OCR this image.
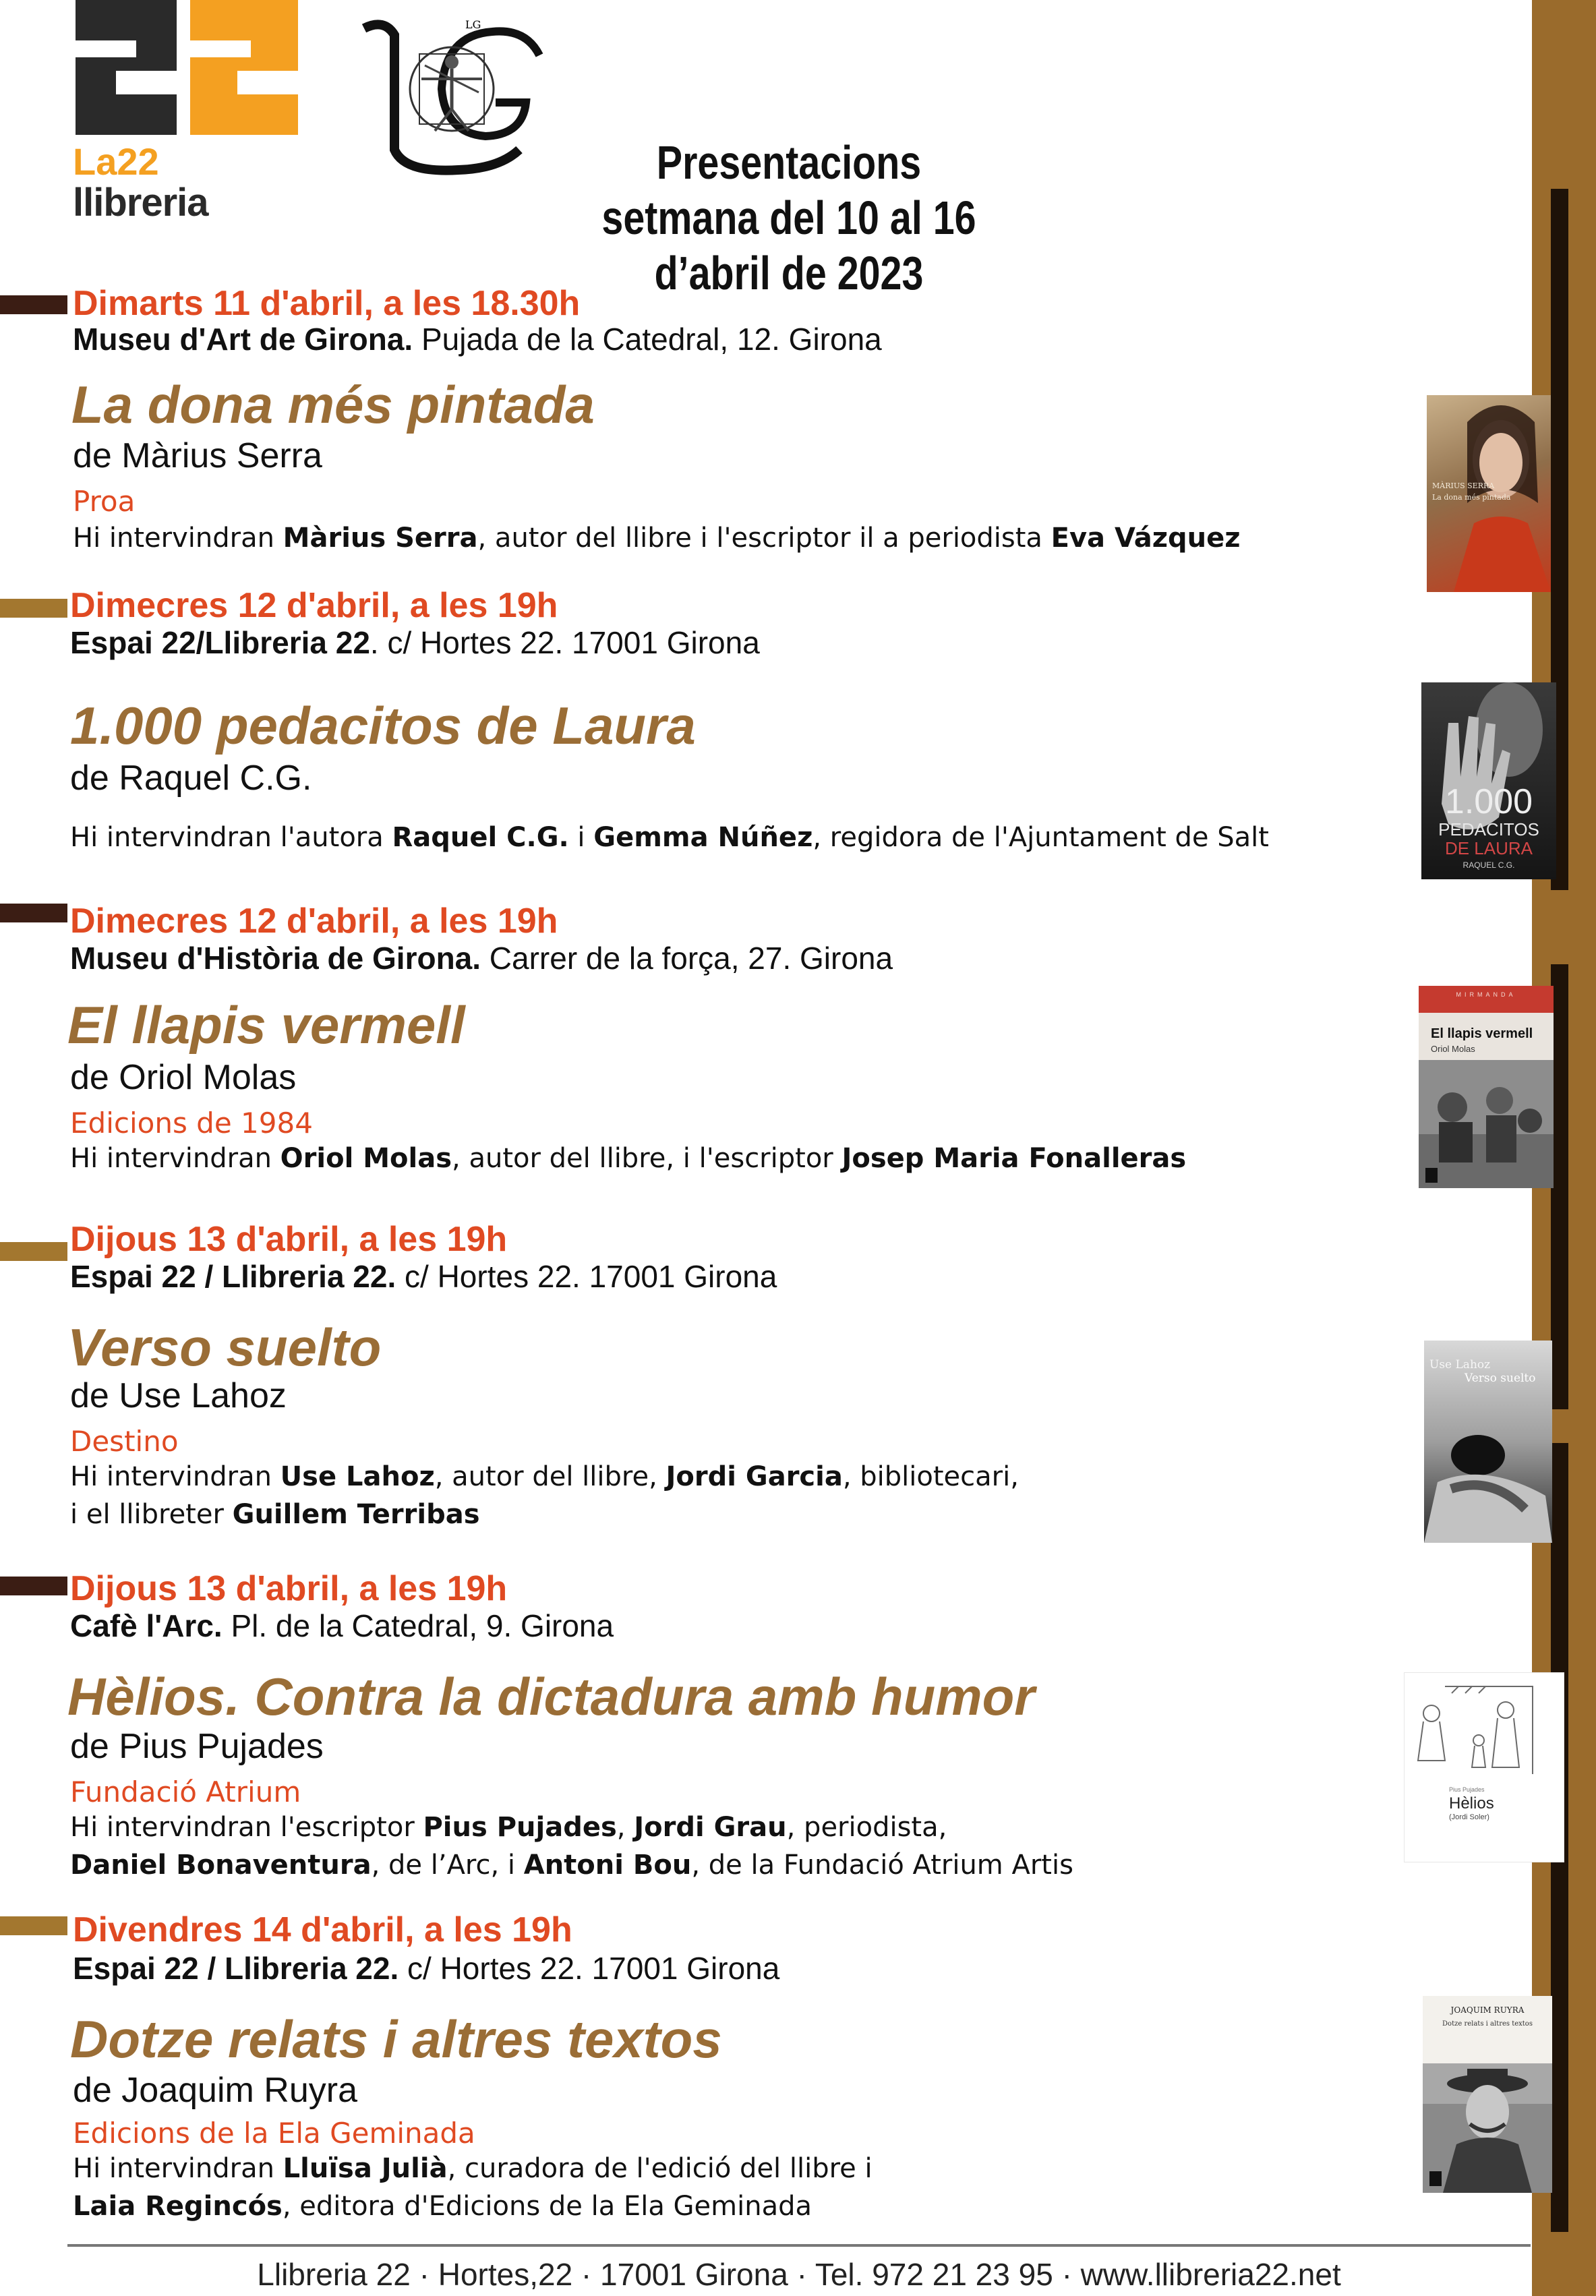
La22
llibreria
LG
Presentacions
setmana del 10 al 16 d’abril de 2023
Dimarts 11 d'abril, a les 18.30h
Museu d'Art de Girona. Pujada de la Catedral, 12. Girona
La dona més pintada
de Màrius Serra
Proa
Hi intervindran Màrius Serra, autor del llibre i l'escriptor il a periodista Eva Vázquez
Dimecres 12 d'abril, a les 19h
Espai 22/Llibreria 22. c/ Hortes 22. 17001 Girona
1.000 pedacitos de Laura
de Raquel C.G.
Hi intervindran l'autora Raquel C.G. i Gemma Núñez, regidora de l'Ajuntament de Salt
Dimecres 12 d'abril, a les 19h
Museu d'Història de Girona. Carrer de la força, 27. Girona
El llapis vermell
de Oriol Molas
Edicions de 1984
Hi intervindran Oriol Molas, autor del llibre, i l'escriptor Josep Maria Fonalleras
Dijous 13 d'abril, a les 19h
Espai 22 / Llibreria 22. c/ Hortes 22. 17001 Girona
Verso suelto
de Use Lahoz
Destino
Hi intervindran Use Lahoz, autor del llibre, Jordi Garcia, bibliotecari,
i el llibreter Guillem Terribas
Dijous 13 d'abril, a les 19h
Cafè l'Arc. Pl. de la Catedral, 9. Girona
Hèlios. Contra la dictadura amb humor
de Pius Pujades
Fundació Atrium
Hi intervindran l'escriptor Pius Pujades, Jordi Grau, periodista,
Daniel Bonaventura, de l’Arc, i Antoni Bou, de la Fundació Atrium Artis
Divendres 14 d'abril, a les 19h
Espai 22 / Llibreria 22. c/ Hortes 22. 17001 Girona
Dotze relats i altres textos
de Joaquim Ruyra
Edicions de la Ela Geminada
Hi intervindran Lluïsa Julià, curadora de l'edició del llibre i
Laia Regincós, editora d'Edicions de la Ela Geminada
MÀRIUS SERRA
La dona més pintada
1.000
PEDACITOS
DE LAURA
RAQUEL C.G.
MIRMANDA
El llapis vermell
Oriol Molas
Use Lahoz
Verso suelto
Pius Pujades
Hèlios
(Jordi Soler)
JOAQUIM RUYRA
Dotze relats i altres textos
Llibreria 22 · Hortes,22 · 17001 Girona · Tel. 972 21 23 95 · www.llibreria22.net
